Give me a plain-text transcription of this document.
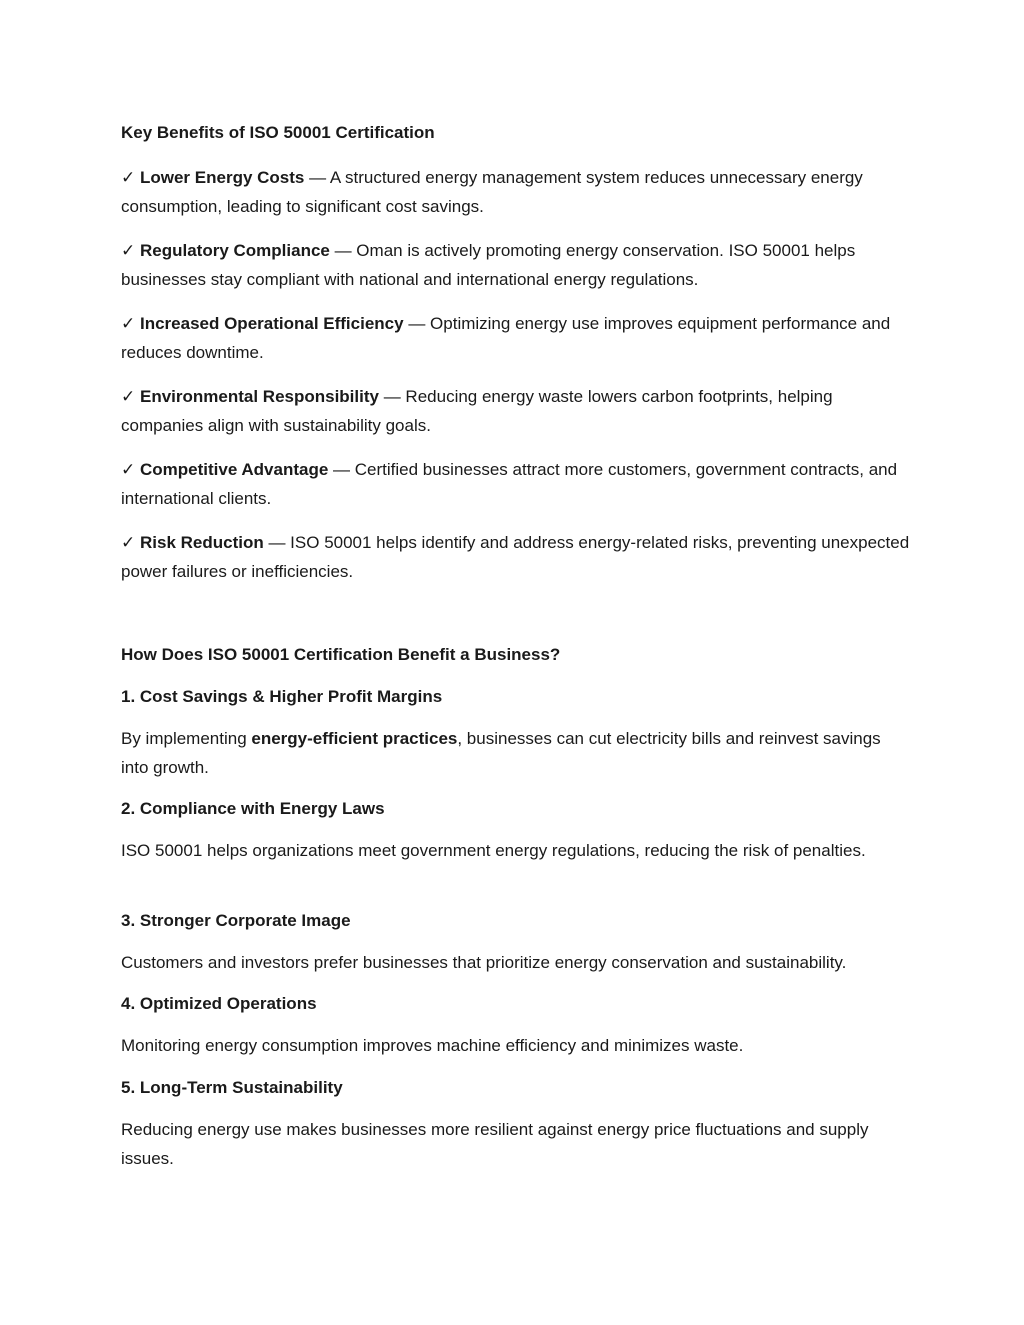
Key Benefits of ISO 50001 Certification
✓ Lower Energy Costs — A structured energy management system reduces unnecessary energy consumption, leading to significant cost savings.
✓ Regulatory Compliance — Oman is actively promoting energy conservation. ISO 50001 helps businesses stay compliant with national and international energy regulations.
✓ Increased Operational Efficiency — Optimizing energy use improves equipment performance and reduces downtime.
✓ Environmental Responsibility — Reducing energy waste lowers carbon footprints, helping companies align with sustainability goals.
✓ Competitive Advantage — Certified businesses attract more customers, government contracts, and international clients.
✓ Risk Reduction — ISO 50001 helps identify and address energy-related risks, preventing unexpected power failures or inefficiencies.
How Does ISO 50001 Certification Benefit a Business?
1. Cost Savings & Higher Profit Margins
By implementing energy-efficient practices, businesses can cut electricity bills and reinvest savings into growth.
2. Compliance with Energy Laws
ISO 50001 helps organizations meet government energy regulations, reducing the risk of penalties.
3. Stronger Corporate Image
Customers and investors prefer businesses that prioritize energy conservation and sustainability.
4. Optimized Operations
Monitoring energy consumption improves machine efficiency and minimizes waste.
5. Long-Term Sustainability
Reducing energy use makes businesses more resilient against energy price fluctuations and supply issues.
